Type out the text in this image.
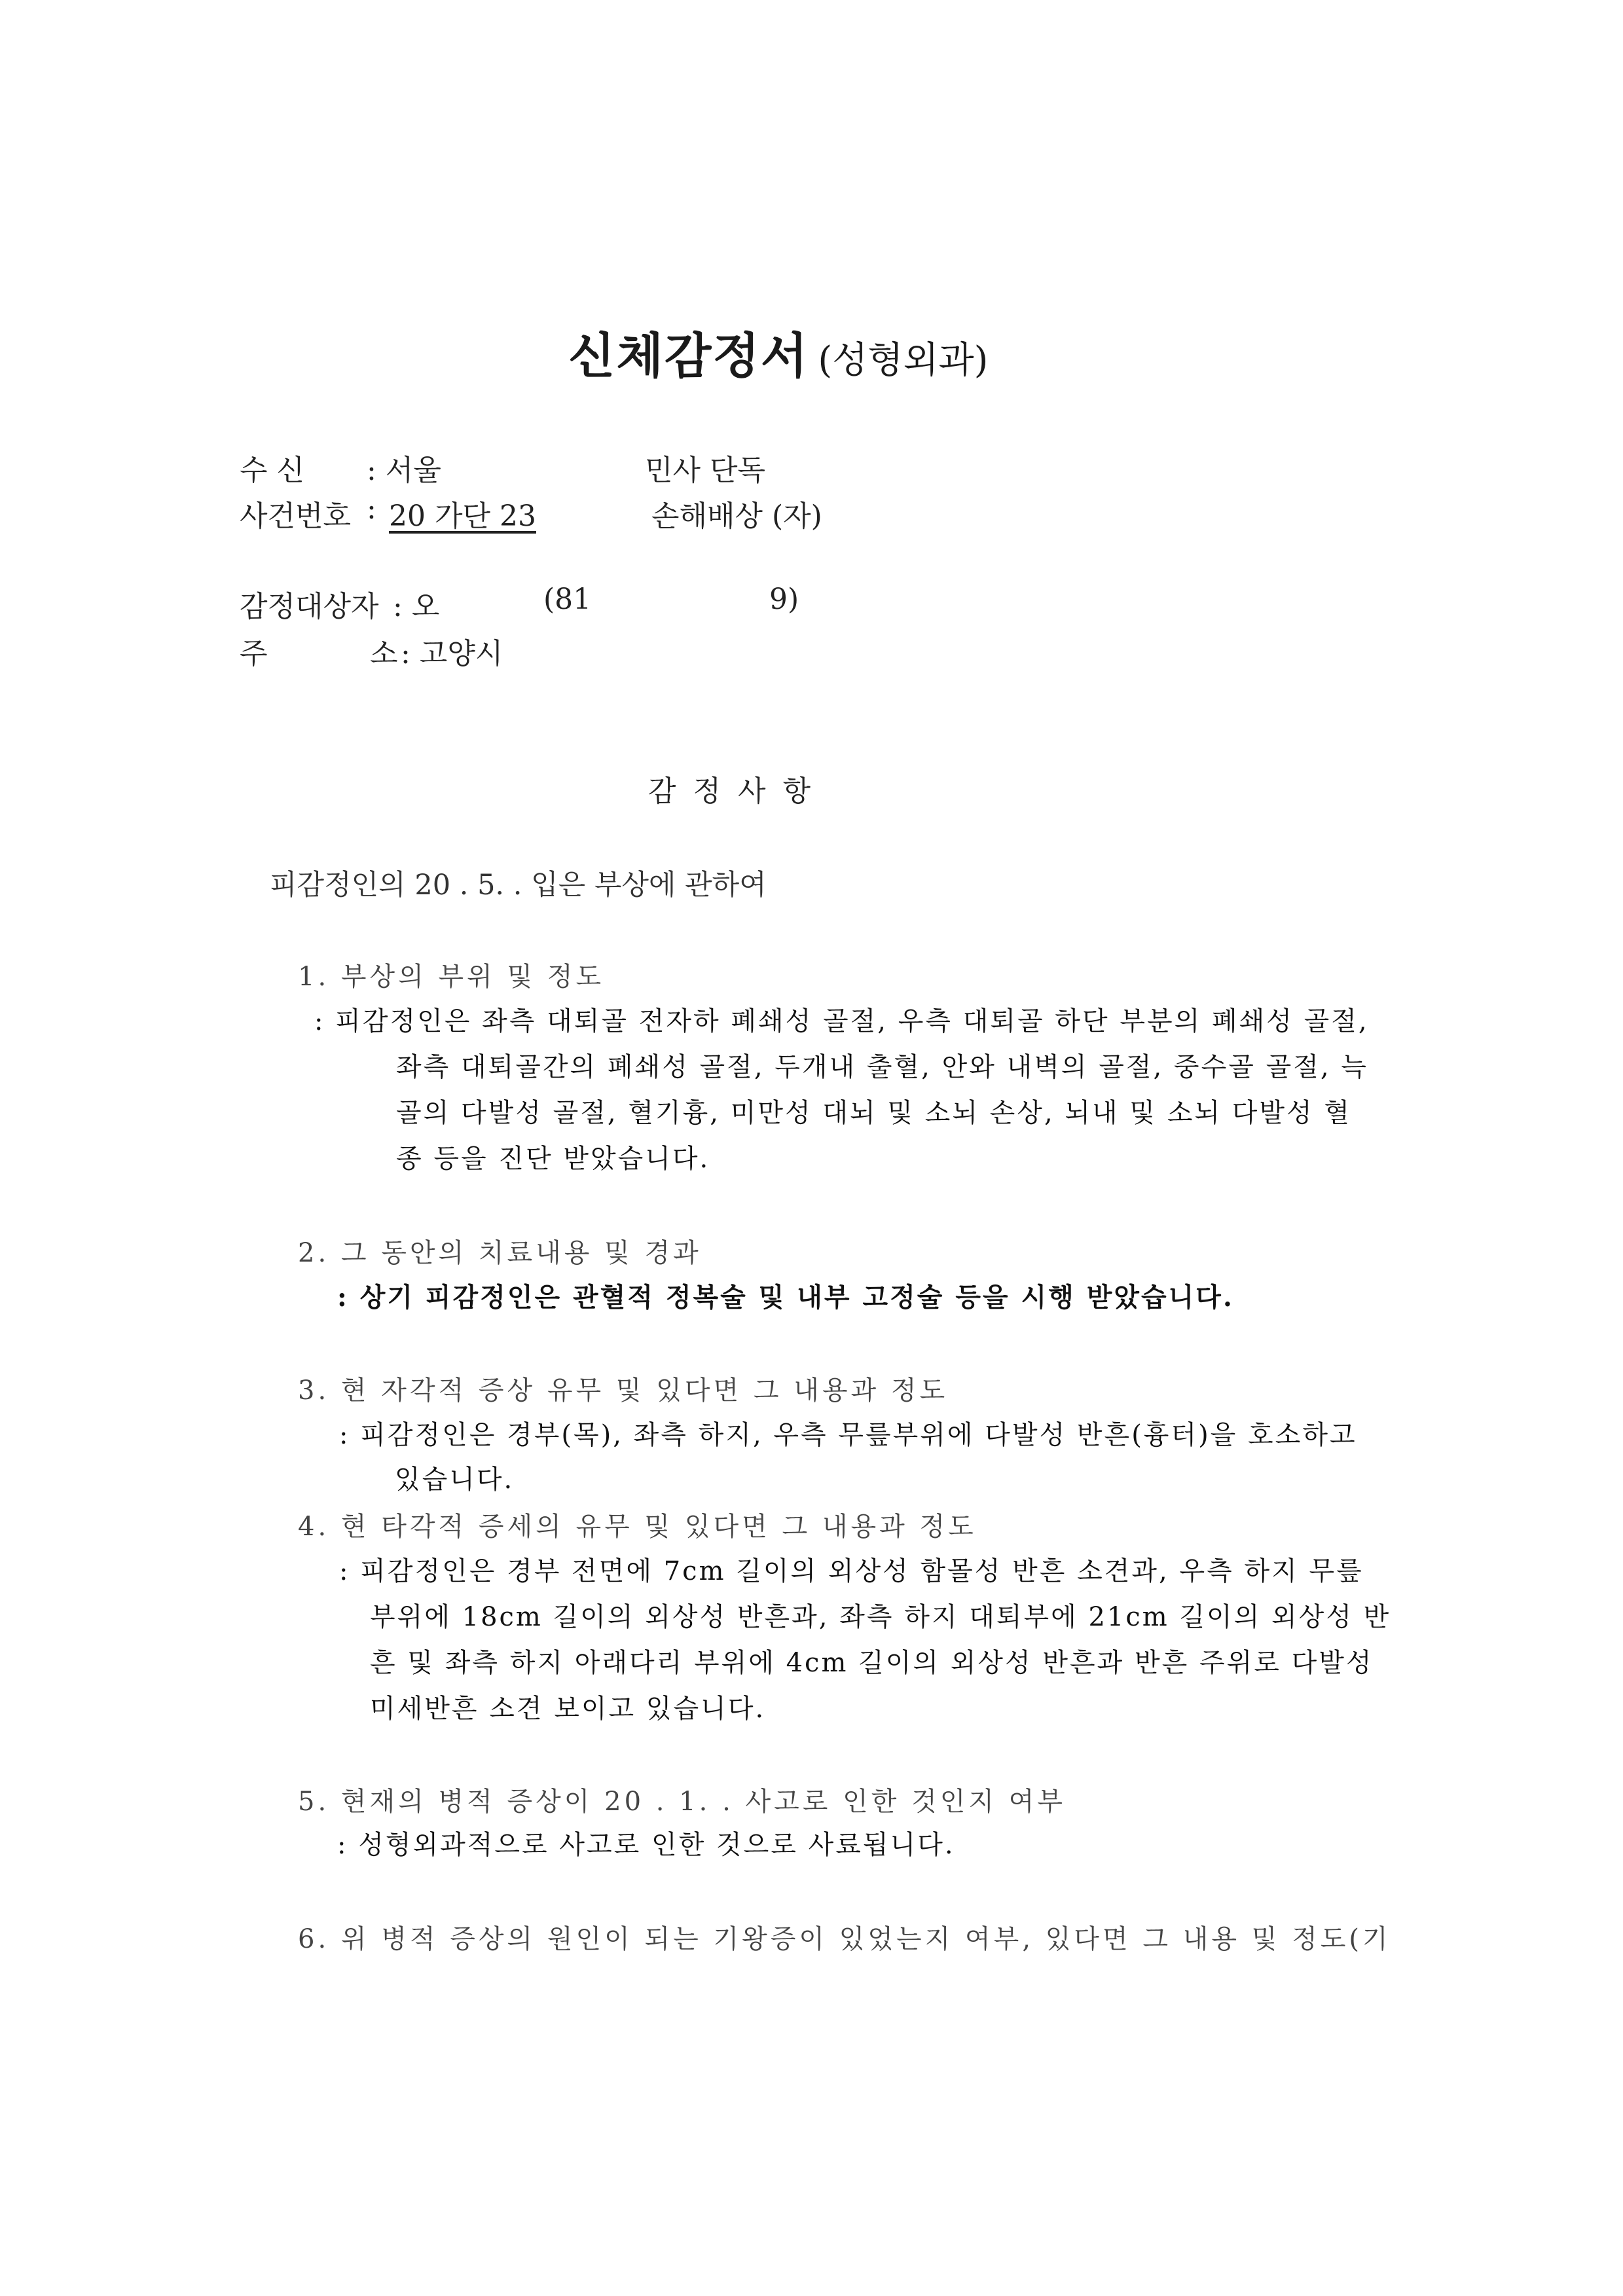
신체감정서 (성형외과)
수 신 : 서울	민사 단독
사건번호 : 20 가단 23	손해배상 (자)
감정대상자 : 오	(81	9)
주	소 : 고양시
감정사항
피감정인의 20 . 5. . 입은 부상에 관하여
1. 부상의 부위 및 정도
: 피감정인은 좌측 대퇴골 전자하 폐쇄성 골절, 우측 대퇴골 하단 부분의 폐쇄성 골절,
좌측 대퇴골간의 폐쇄성 골절, 두개내 출혈, 안와 내벽의 골절, 중수골 골절, 늑
골의 다발성 골절, 혈기흉, 미만성 대뇌 및 소뇌 손상, 뇌내 및 소뇌 다발성 혈
종 등을 진단 받았습니다.
2. 그 동안의 치료내용 및 경과
: 상기 피감정인은 관혈적 정복술 및 내부 고정술 등을 시행 받았습니다.
3. 현 자각적 증상 유무 및 있다면 그 내용과 정도
: 피감정인은 경부(목), 좌측 하지, 우측 무릎부위에 다발성 반흔(흉터)을 호소하고
있습니다.
4. 현 타각적 증세의 유무 및 있다면 그 내용과 정도
: 피감정인은 경부 전면에 7cm 길이의 외상성 함몰성 반흔 소견과, 우측 하지 무릎
부위에 18cm 길이의 외상성 반흔과, 좌측 하지 대퇴부에 21cm 길이의 외상성 반
흔 및 좌측 하지 아래다리 부위에 4cm 길이의 외상성 반흔과 반흔 주위로 다발성
미세반흔 소견 보이고 있습니다.
5. 현재의 병적 증상이 20 . 1. . 사고로 인한 것인지 여부
: 성형외과적으로 사고로 인한 것으로 사료됩니다.
6. 위 병적 증상의 원인이 되는 기왕증이 있었는지 여부, 있다면 그 내용 및 정도(기
